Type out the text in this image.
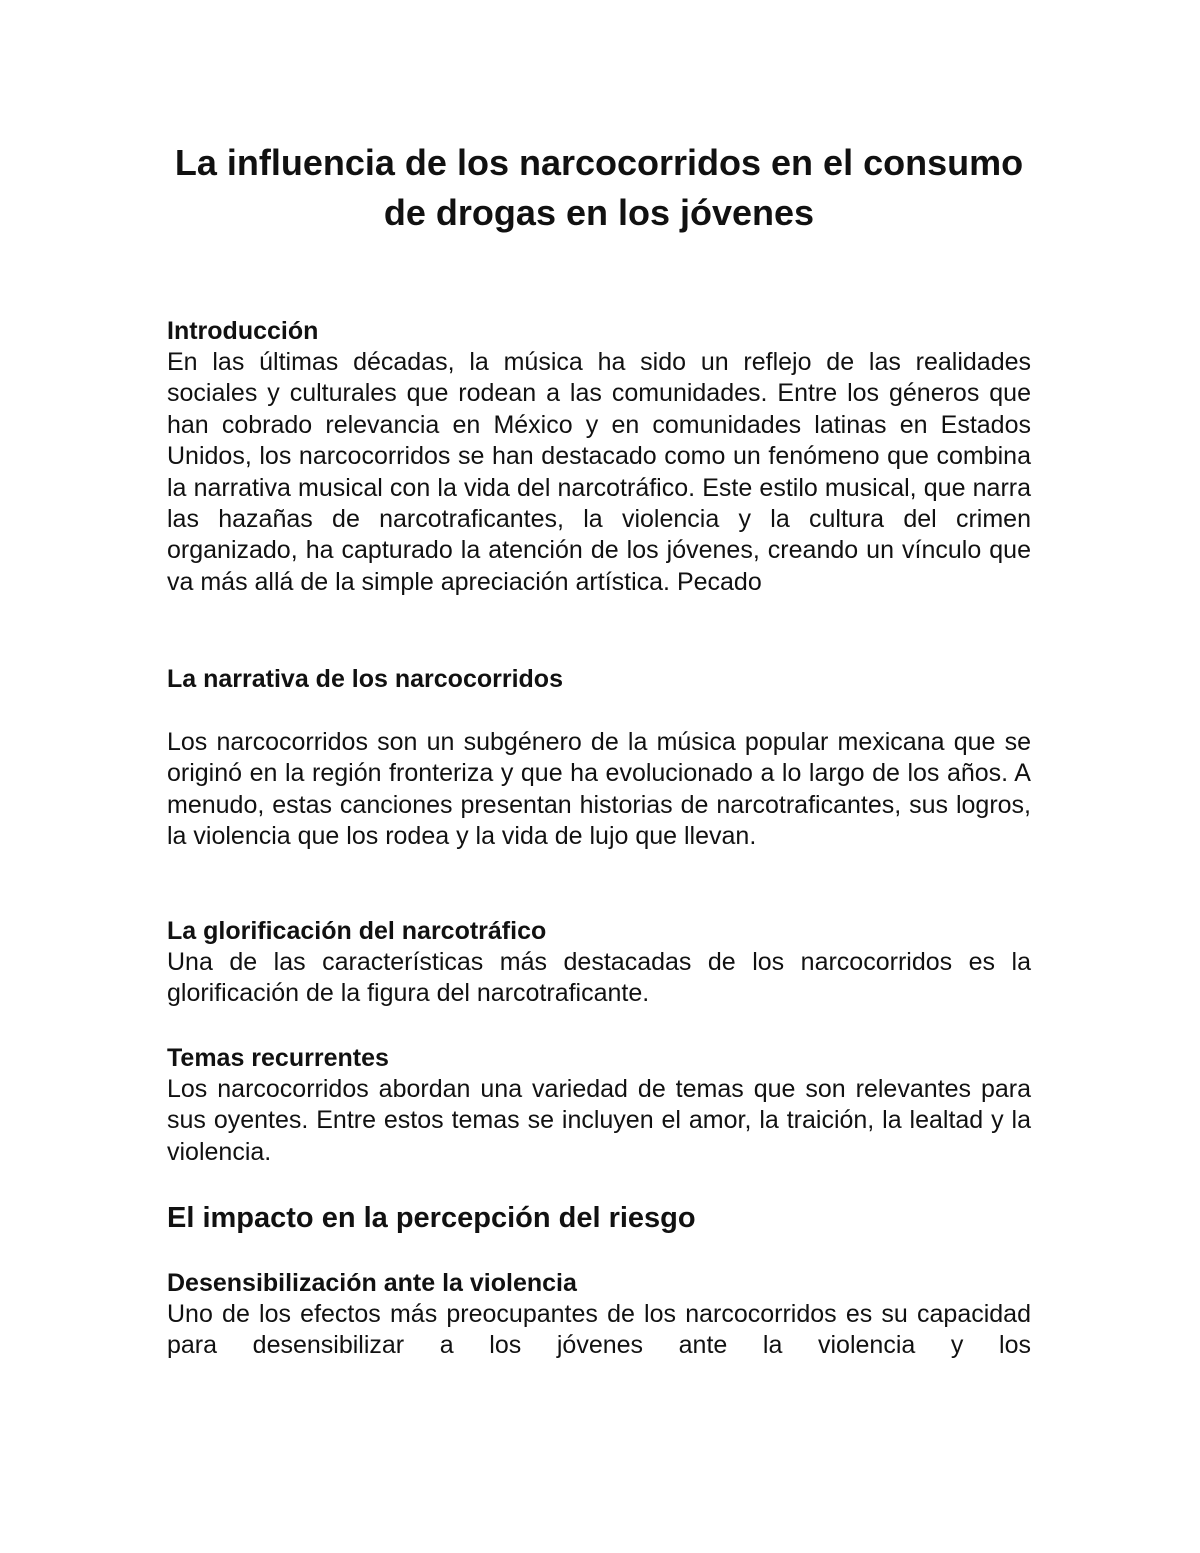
La influencia de los narcocorridos en el consumo de drogas en los jóvenes

Introducción

En las últimas décadas, la música ha sido un reflejo de las realidades sociales y culturales que rodean a las comunidades. Entre los géneros que han cobrado relevancia en México y en comunidades latinas en Estados Unidos, los narcocorridos se han destacado como un fenómeno que combina la narrativa musical con la vida del narcotráfico. Este estilo musical, que narra las hazañas de narcotraficantes, la violencia y la cultura del crimen organizado, ha capturado la atención de los jóvenes, creando un vínculo que va más allá de la simple apreciación artística. Pecado

La narrativa de los narcocorridos

Los narcocorridos son un subgénero de la música popular mexicana que se originó en la región fronteriza y que ha evolucionado a lo largo de los años. A menudo, estas canciones presentan historias de narcotraficantes, sus logros, la violencia que los rodea y la vida de lujo que llevan.

La glorificación del narcotráfico

Una de las características más destacadas de los narcocorridos es la glorificación de la figura del narcotraficante.

Temas recurrentes

Los narcocorridos abordan una variedad de temas que son relevantes para sus oyentes. Entre estos temas se incluyen el amor, la traición, la lealtad y la violencia.

El impacto en la percepción del riesgo

Desensibilización ante la violencia

Uno de los efectos más preocupantes de los narcocorridos es su capacidad para desensibilizar a los jóvenes ante la violencia y los
